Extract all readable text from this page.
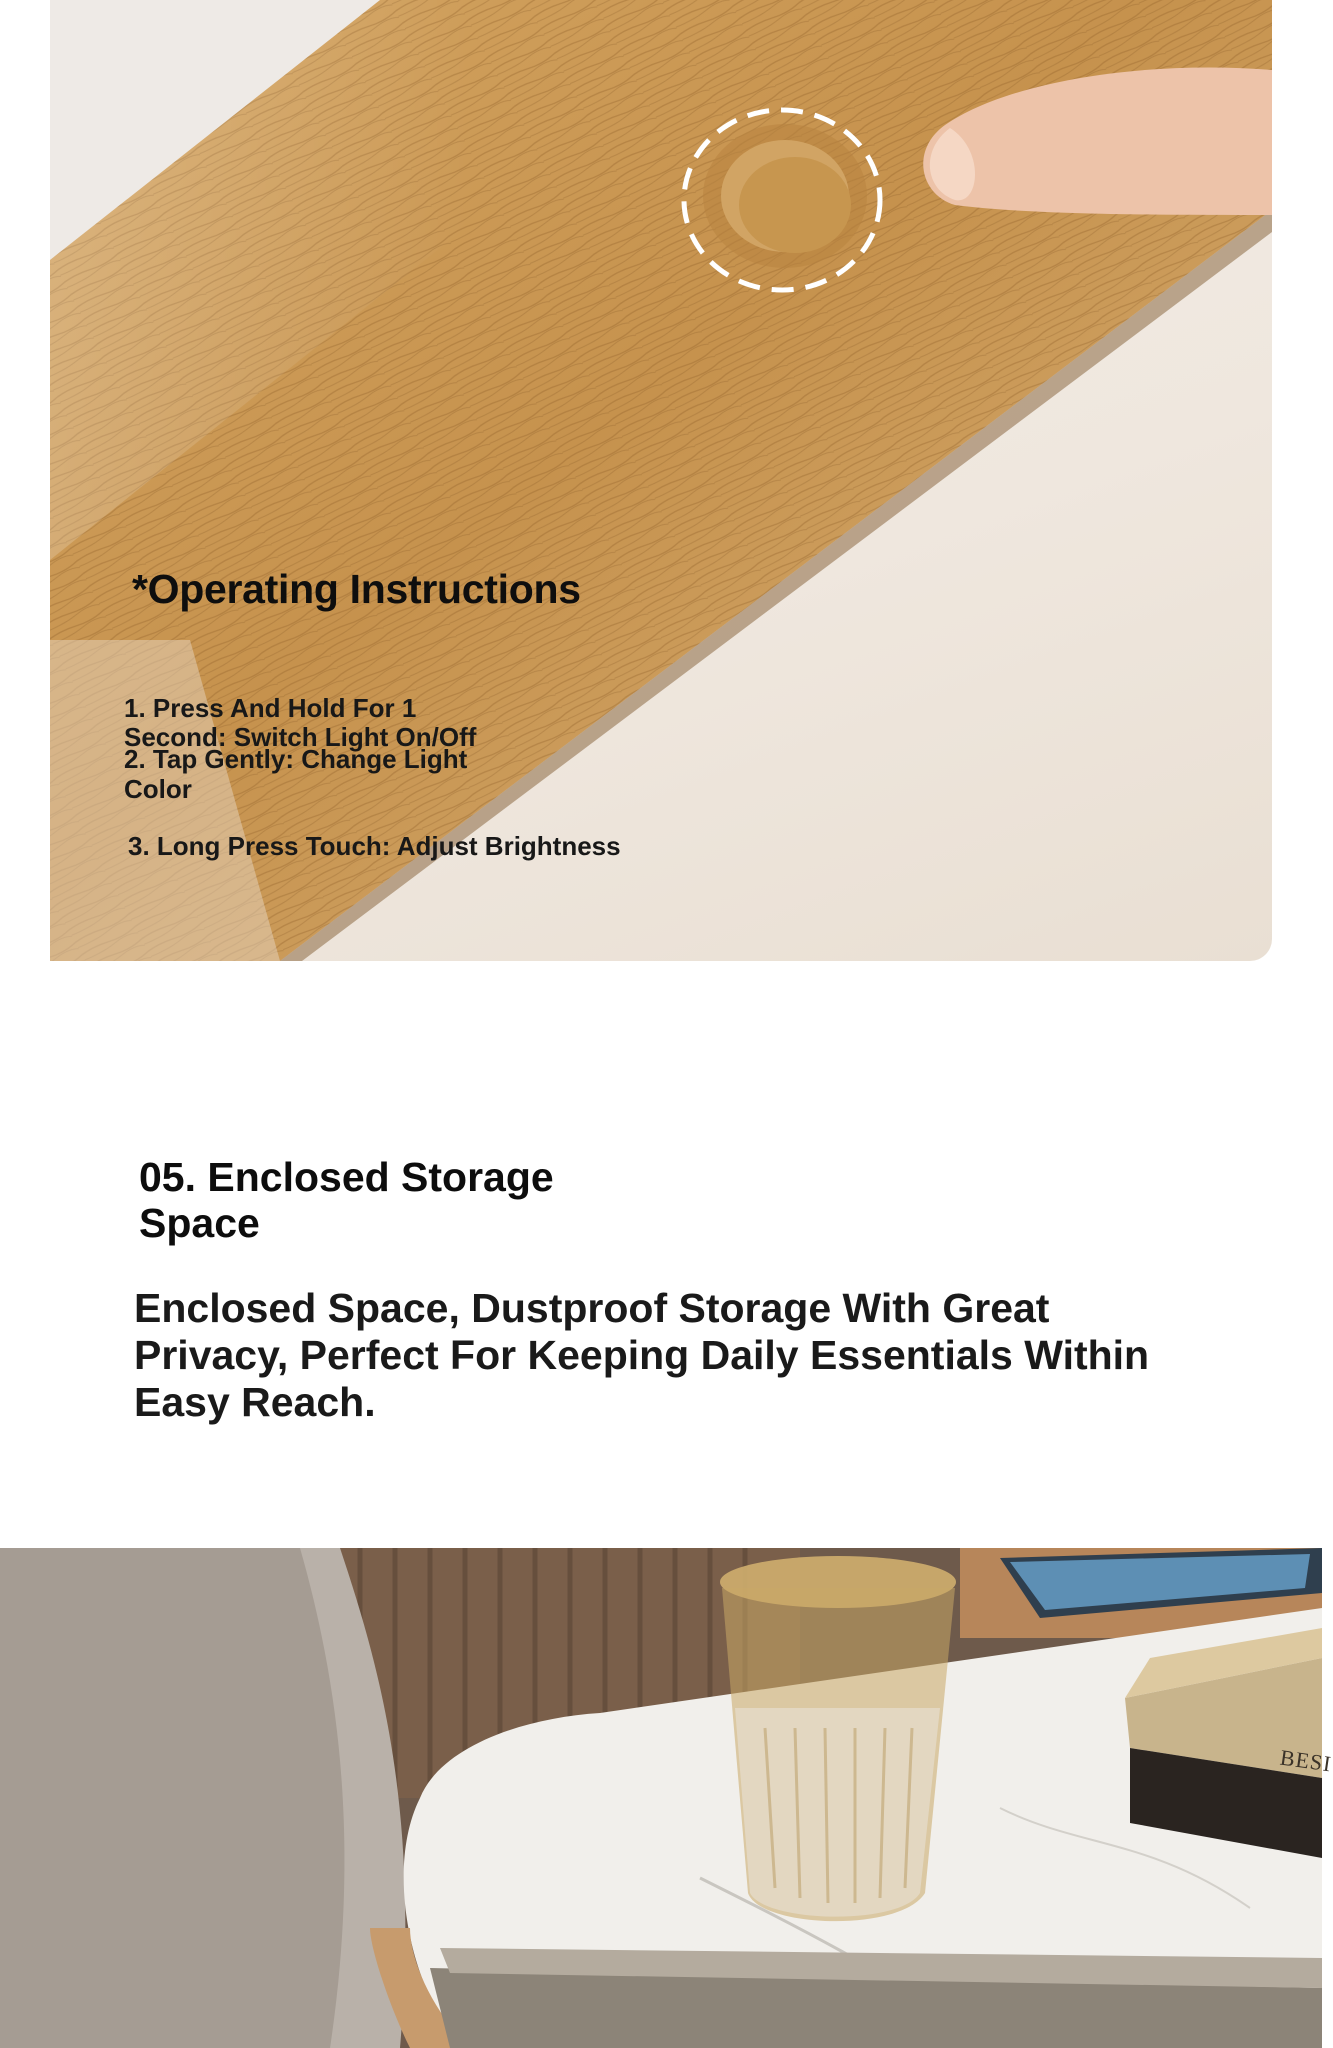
*Operating Instructions

1. Press And Hold For 1 Second: Switch Light On/Off

2. Tap Gently: Change Light Color

3. Long Press Touch: Adjust Brightness

05. Enclosed Storage Space

Enclosed Space, Dustproof Storage With Great Privacy, Perfect For Keeping Daily Essentials Within Easy Reach.

BESI
